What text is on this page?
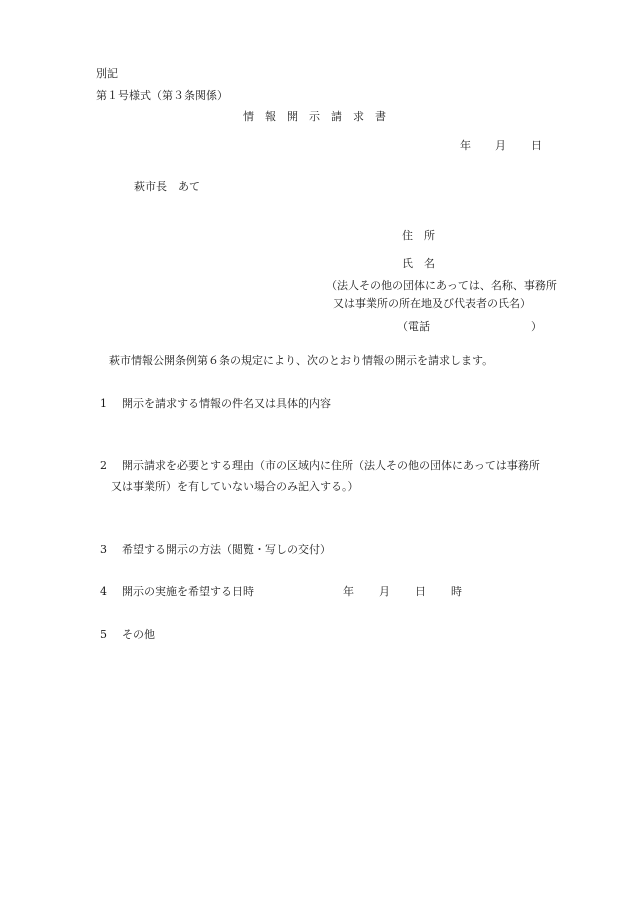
別記
第１号様式（第３条関係）
情　報　開　示　請　求　書
年 月 日
萩市長　あて
住　所
氏　名
（法人その他の団体にあっては、名称、事務所
又は事業所の所在地及び代表者の氏名）
（電話	）
萩市情報公開条例第６条の規定により、次のとおり情報の開示を請求します。
1 開示を請求する情報の件名又は具体的内容
2 開示請求を必要とする理由（市の区域内に住所（法人その他の団体にあっては事務所
又は事業所）を有していない場合のみ記入する。）
3 希望する開示の方法（閲覧・写しの交付）
4 開示の実施を希望する日時	年 月 日 時
5 その他
